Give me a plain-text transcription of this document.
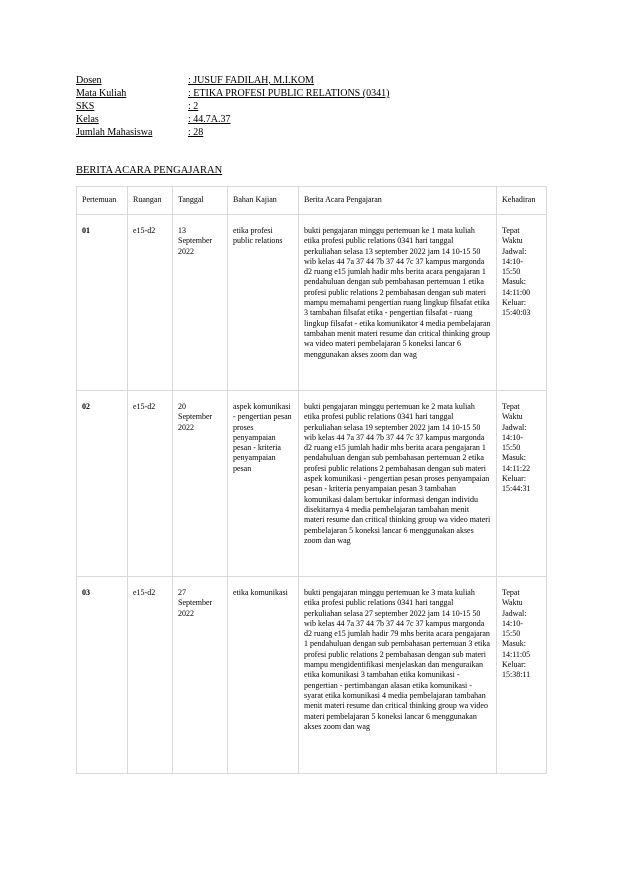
Dosen	: JUSUF FADILAH, M.I.KOM
Mata Kuliah	: ETIKA PROFESI PUBLIC RELATIONS (0341)
SKS	: 2
Kelas	: 44.7A.37
Jumlah Mahasiswa	: 28
BERITA ACARA PENGAJARAN
Pertemuan	Ruangan	Tanggal	Bahan Kajian	Berita Acara Pengajaran	Kehadiran
01	e15-d2	13 September 2022	etika profesi public relations	bukti pengajaran minggu pertemuan ke 1 mata kuliah etika profesi public relations 0341 hari tanggal perkuliahan selasa 13 september 2022 jam 14 10-15 50 wib kelas 44 7a 37 44 7b 37 44 7c 37 kampus margonda d2 ruang e15 jumlah hadir mhs berita acara pengajaran 1 pendahuluan dengan sub pembahasan pertemuan 1 etika profesi public relations 2 pembahasan dengan sub materi mampu memahami pengertian ruang lingkup filsafat etika 3 tambahan filsafat etika - pengertian filsafat - ruang lingkup filsafat - etika komunikator 4 media pembelajaran tambahan menit materi resume dan critical thinking group wa video materi pembelajaran 5 koneksi lancar 6 menggunakan akses zoom dan wag	Tepat Waktu Jadwal: 14:10-15:50 Masuk: 14:11:00 Keluar: 15:40:03
02	e15-d2	20 September 2022	aspek komunikasi - pengertian pesan proses penyampaian pesan - kriteria penyampaian pesan	bukti pengajaran minggu pertemuan ke 2 mata kuliah etika profesi public relations 0341 hari tanggal perkuliahan selasa 19 september 2022 jam 14 10-15 50 wib kelas 44 7a 37 44 7b 37 44 7c 37 kampus margonda d2 ruang e15 jumlah hadir mhs berita acara pengajaran 1 pendahuluan dengan sub pembahasan pertemuan 2 etika profesi public relations 2 pembahasan dengan sub materi aspek komunikasi - pengertian pesan proses penyampaian pesan - kriteria penyampaian pesan 3 tambahan komunikasi dalam bertukar informasi dengan individu disekitarnya 4 media pembelajaran tambahan menit materi resume dan critical thinking group wa video materi pembelajaran 5 koneksi lancar 6 menggunakan akses zoom dan wag	Tepat Waktu Jadwal: 14:10-15:50 Masuk: 14:11:22 Keluar: 15:44:31
03	e15-d2	27 September 2022	etika komunikasi	bukti pengajaran minggu pertemuan ke 3 mata kuliah etika profesi public relations 0341 hari tanggal perkuliahan selasa 27 september 2022 jam 14 10-15 50 wib kelas 44 7a 37 44 7b 37 44 7c 37 kampus margonda d2 ruang e15 jumlah hadir 79 mhs berita acara pengajaran 1 pendahuluan dengan sub pembahasan pertemuan 3 etika profesi public relations 2 pembahasan dengan sub materi mampu mengidentifikasi menjelaskan dan menguraikan etika komunikasi 3 tambahan etika komunikasi - pengertian - pertimbangan alasan etika komunikasi - syarat etika komunikasi 4 media pembelajaran tambahan menit materi resume dan critical thinking group wa video materi pembelajaran 5 koneksi lancar 6 menggunakan akses zoom dan wag	Tepat Waktu Jadwal: 14:10-15:50 Masuk: 14:11:05 Keluar: 15:38:11
